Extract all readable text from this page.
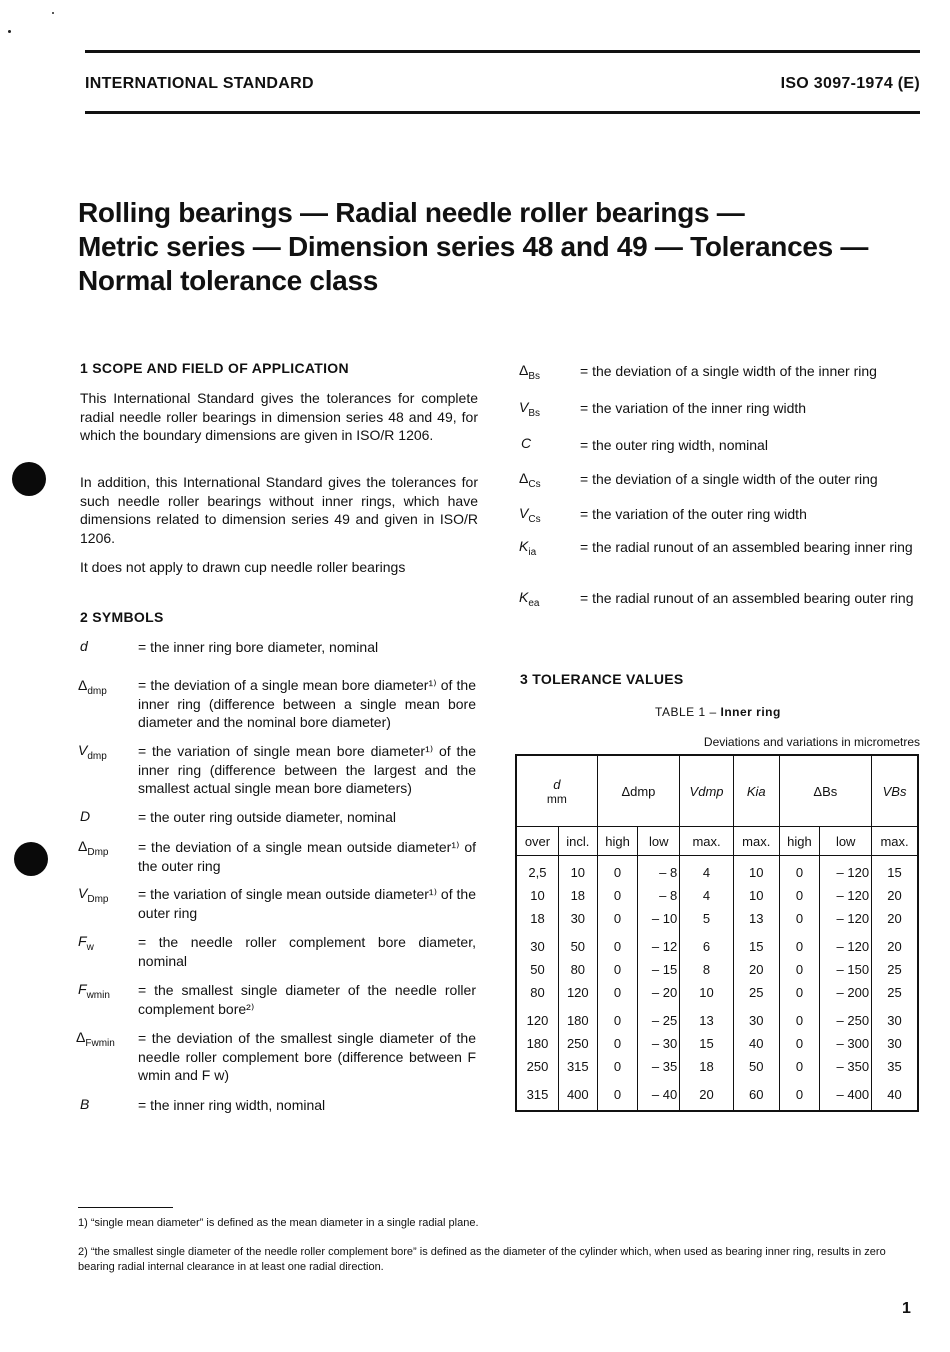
INTERNATIONAL STANDARD	ISO 3097-1974 (E)
Rolling bearings — Radial needle roller bearings —
Metric series — Dimension series 48 and 49 — Tolerances —
Normal tolerance class
1 SCOPE AND FIELD OF APPLICATION
This International Standard gives the tolerances for complete radial needle roller bearings in dimension series 48 and 49, for which the boundary dimensions are given in ISO/R 1206.
In addition, this International Standard gives the tolerances for such needle roller bearings without inner rings, which have dimensions related to dimension series 49 and given in ISO/R 1206.
It does not apply to drawn cup needle roller bearings
2 SYMBOLS
d	= the inner ring bore diameter, nominal
$\Delta_{dmp}$ = the deviation of a single mean bore diameter¹⁾ of the inner ring (difference between a single mean bore diameter and the nominal bore diameter)
$V_{dmp}$ = the variation of single mean bore diameter¹⁾ of the inner ring (difference between the largest and the smallest actual single mean bore diameters)
D	= the outer ring outside diameter, nominal
$\Delta_{Dmp}$ = the deviation of a single mean outside diameter¹⁾ of the outer ring
$V_{Dmp}$ = the variation of single mean outside diameter¹⁾ of the outer ring
$F_w$	= the needle roller complement bore diameter, nominal
$F_{wmin}$ = the smallest single diameter of the needle roller complement bore²⁾
$\Delta_{Fwmin}$ = the deviation of the smallest single diameter of the needle roller complement bore (difference between F wmin and F w)
B	= the inner ring width, nominal
$\Delta_{Bs}$	= the deviation of a single width of the inner ring
$V_{Bs}$	= the variation of the inner ring width
C	= the outer ring width, nominal
$\Delta_{Cs}$	= the deviation of a single width of the outer ring
$V_{Cs}$	= the variation of the outer ring width
$K_{ia}$	= the radial runout of an assembled bearing inner ring
$K_{ea}$	= the radial runout of an assembled bearing outer ring
3 TOLERANCE VALUES
TABLE 1 – Inner ring
Deviations and variations in micrometres
d
mm		Δdmp		Vdmp	Kia	ΔBs		VBs
over	incl.	high	low	max.	max.	high	low	max.
2,5	10	0	– 8	4	10	0	– 120	15
10	18	0	– 8	4	10	0	– 120	20
18	30	0	– 10	5	13	0	– 120	20
30	50	0	– 12	6	15	0	– 120	20
50	80	0	– 15	8	20	0	– 150	25
80	120	0	– 20	10	25	0	– 200	25
120	180	0	– 25	13	30	0	– 250	30
180	250	0	– 30	15	40	0	– 300	30
250	315	0	– 35	18	50	0	– 350	35
315	400	0	– 40	20	60	0	– 400	40
1) “single mean diameter” is defined as the mean diameter in a single radial plane.
2) “the smallest single diameter of the needle roller complement bore” is defined as the diameter of the cylinder which, when used as bearing inner ring, results in zero bearing radial internal clearance in at least one radial direction.
1
